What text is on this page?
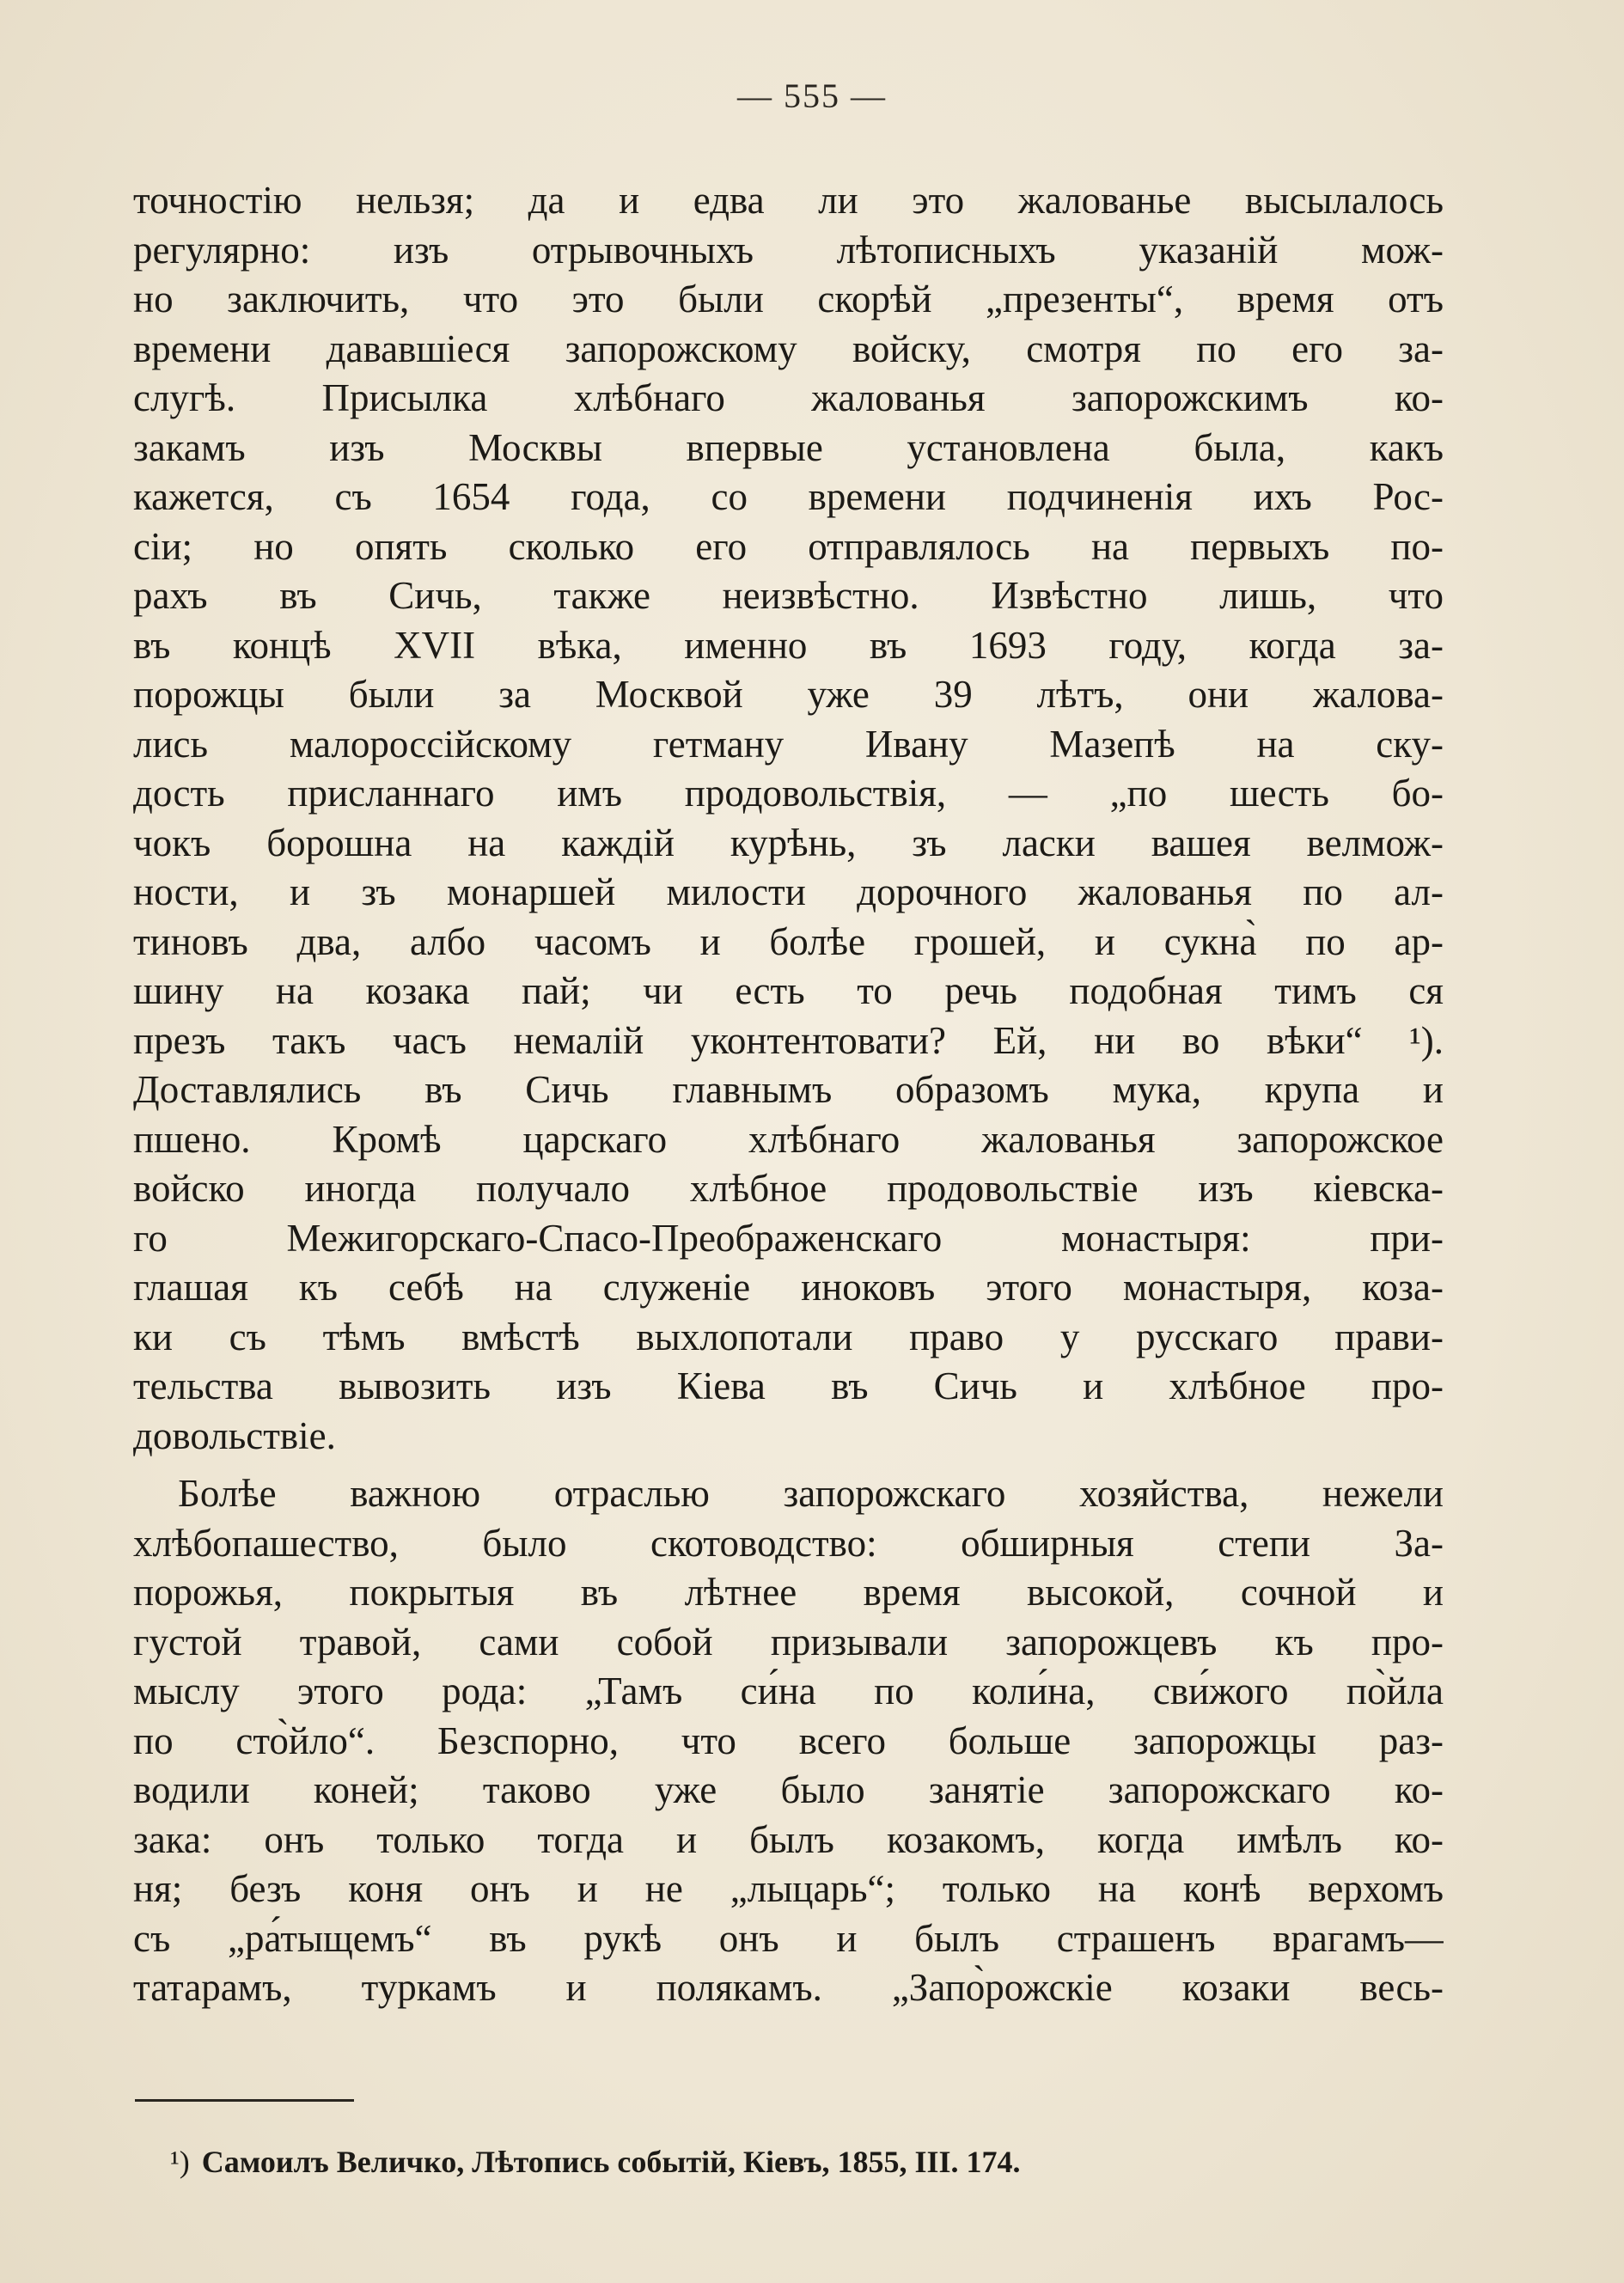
— 555 —
точностію нельзя; да и едва ли это жалованье высылалось
регулярно: изъ отрывочныхъ лѣтописныхъ указаній мож-
но заключить, что это были скорѣй „презенты“, время отъ
времени дававшіеся запорожскому войску, смотря по его за-
слугѣ. Присылка хлѣбнаго жалованья запорожскимъ ко-
закамъ изъ Москвы впервые установлена была, какъ
кажется, съ 1654 года, со времени подчиненія ихъ Рос-
сіи; но опять сколько его отправлялось на первыхъ по-
рахъ въ Сичь, также неизвѣстно. Извѣстно лишь, что
въ концѣ XVII вѣка, именно въ 1693 году, когда за-
порожцы были за Москвой уже 39 лѣтъ, они жалова-
лись малороссійскому гетману Ивану Мазепѣ на ску-
дость присланнаго имъ продовольствія, — „по шесть бо-
чокъ борошна на каждій курѣнь, зъ ласки вашея велмож-
ности, и зъ монаршей милости дорочного жалованья по ал-
тиновъ два, албо часомъ и болѣе грошей, и сукна̀ по ар-
шину на козака пай; чи есть то речь подобная тимъ ся
презъ такъ часъ немалій уконтентовати? Ей, ни во вѣки“ ¹).
Доставлялись въ Сичь главнымъ образомъ мука, крупа и
пшено. Кромѣ царскаго хлѣбнаго жалованья запорожское
войско иногда получало хлѣбное продовольствіе изъ кіевска-
го Межигорскаго-Спасо-Преображенскаго монастыря: при-
глашая къ себѣ на служеніе иноковъ этого монастыря, коза-
ки съ тѣмъ вмѣстѣ выхлопотали право у русскаго прави-
тельства вывозить изъ Кіева въ Сичь и хлѣбное про-
довольствіе.
Болѣе важною отраслью запорожскаго хозяйства, нежели
хлѣбопашество, было скотоводство: обширныя степи За-
порожья, покрытыя въ лѣтнее время высокой, сочной и
густой травой, сами собой призывали запорожцевъ къ про-
мыслу этого рода: „Тамъ си́на по коли́на, сви́жого по̀йла
по сто̀йло“. Безспорно, что всего больше запорожцы раз-
водили коней; таково уже было занятіе запорожскаго ко-
зака: онъ только тогда и былъ козакомъ, когда имѣлъ ко-
ня; безъ коня онъ и не „лыцарь“; только на конѣ верхомъ
съ „ра́тыщемъ“ въ рукѣ онъ и былъ страшенъ врагамъ—
татарамъ, туркамъ и полякамъ. „Запо̀рожскіе козаки весь-
¹) Самоилъ Величко, Лѣтопись событій, Кіевъ, 1855, III. 174.
